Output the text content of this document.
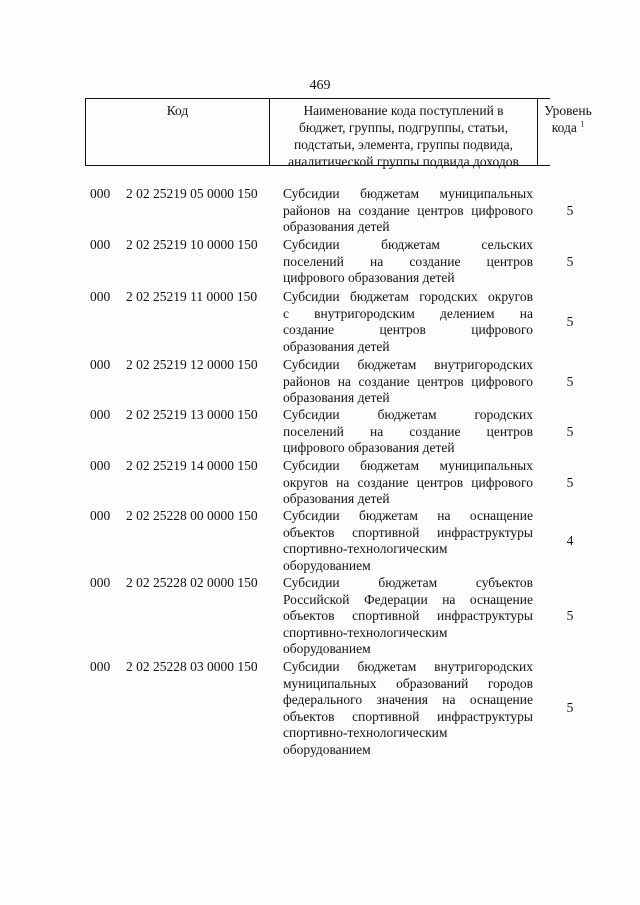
469
Код	Наименование кода поступлений в
бюджет, группы, подгруппы, статьи,
подстатьи, элемента, группы подвида,
аналитической группы подвида доходов
Уровень
кода $^1$
000 2 02 25219 05 0000 150 Субсидии бюджетам муниципальных
районов на создание центров цифрового
образования детей
5
000 2 02 25219 10 0000 150 Субсидии бюджетам сельских
поселений на создание центров
цифрового образования детей
5
000 2 02 25219 11 0000 150 Субсидии бюджетам городских округов
с внутригородским делением на
создание центров цифрового
образования детей
5
000 2 02 25219 12 0000 150 Субсидии бюджетам внутригородских
районов на создание центров цифрового
образования детей
5
000 2 02 25219 13 0000 150 Субсидии бюджетам городских
поселений на создание центров
цифрового образования детей
5
000 2 02 25219 14 0000 150 Субсидии бюджетам муниципальных
округов на создание центров цифрового
образования детей
5
000 2 02 25228 00 0000 150 Субсидии бюджетам на оснащение
объектов спортивной инфраструктуры
спортивно-технологическим
оборудованием
4
000 2 02 25228 02 0000 150 Субсидии бюджетам субъектов
Российской Федерации на оснащение
объектов спортивной инфраструктуры
спортивно-технологическим
оборудованием
5
000 2 02 25228 03 0000 150 Субсидии бюджетам внутригородских
муниципальных образований городов
федерального значения на оснащение
объектов спортивной инфраструктуры
спортивно-технологическим
оборудованием
5
